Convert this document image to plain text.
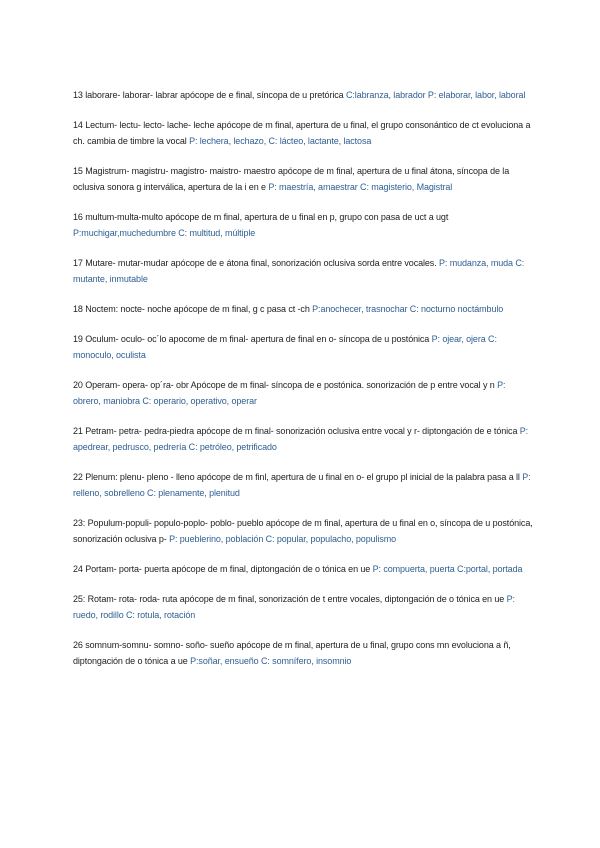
13 laborare- laborar- labrar apócope de e final, síncopa de u pretórica C:labranza, labrador P: elaborar, labor, laboral

14 Lectum- lectu- lecto- lache- leche apócope de m final, apertura de u final, el grupo consonántico de ct evoluciona a ch. cambia de timbre la vocal P: lechera, lechazo, C: lácteo, lactante, lactosa

15 Magistrum- magistru- magistro- maistro- maestro apócope de m final, apertura de u final átona, síncopa de la oclusiva sonora g interválica, apertura de la i en e P: maestría, amaestrar C: magisterio, Magistral

16 multum-multa-multo apócope de m final, apertura de u final en p, grupo con pasa de uct a ugt P:muchigar,muchedumbre C: multitud, múltiple

17 Mutare- mutar-mudar apócope de e átona final, sonorización oclusiva sorda entre vocales. P: mudanza, muda C: mutante, inmutable

18 Noctem: nocte- noche apócope de m final, g c pasa ct -ch P:anochecer, trasnochar C: nocturno noctámbulo

19 Oculum- oculo- oc´lo apocome de m final- apertura de final en o- síncopa de u postónica P: ojear, ojera C: monoculo, oculista

20 Operam- opera- op´ra- obr Apócope de m final- síncopa de e postónica. sonorización de p entre vocal y n P: obrero, maniobra C: operario, operativo, operar

21 Petram- petra- pedra-piedra apócope de m final- sonorización oclusiva entre vocal y r- diptongación de e tónica P: apedrear, pedrusco, pedrería C: petróleo, petrificado

22 Plenum: plenu- pleno - lleno apócope de m finl, apertura de u final en o- el grupo pl inicial de la palabra pasa a ll P: relleno, sobrelleno C: plenamente, plenitud

23: Populum-populi- populo-poplo- poblo- pueblo apócope de m final, apertura de u final en o, síncopa de u postónica, sonorización oclusiva p- P: pueblerino, población C: popular, populacho, populismo

24 Portam- porta- puerta apócope de m final, diptongación de o tónica en ue P: compuerta, puerta C:portal, portada

25: Rotam- rota- roda- ruta apócope de m final, sonorización de t entre vocales, diptongación de o tónica en ue P: ruedo, rodillo C: rotula, rotación

26 somnum-somnu- somno- soño- sueño apócope de m final, apertura de u final, grupo cons mn evoluciona a ñ, diptongación de o tónica a ue P:soñar, ensueño C: somnífero, insomnio
